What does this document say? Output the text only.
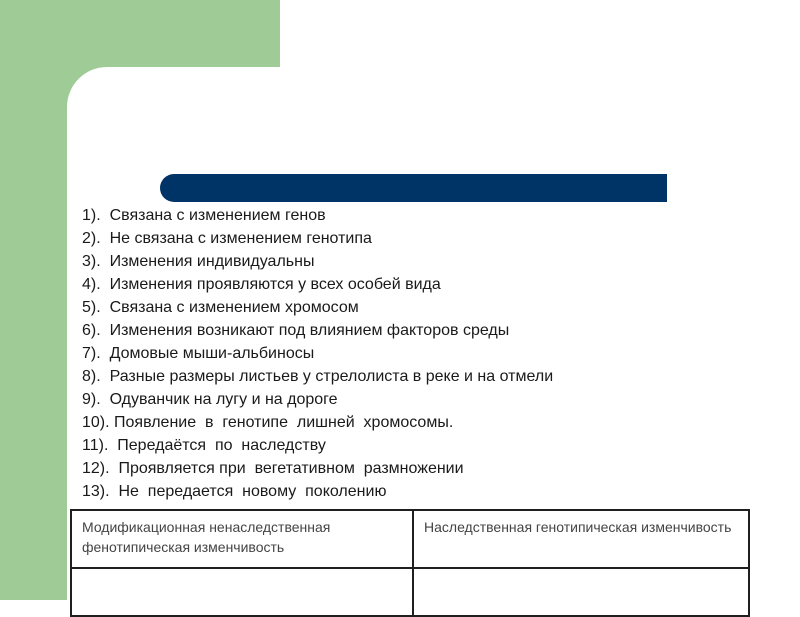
1).  Связана с изменением генов
2).  Не связана с изменением генотипа
3).  Изменения индивидуальны
4).  Изменения проявляются у всех особей вида
5).  Связана с изменением хромосом
6).  Изменения возникают под влиянием факторов среды
7).  Домовые мыши-альбиносы
8).  Разные размеры листьев у стрелолиста в реке и на отмели
9).  Одуванчик на лугу и на дороге
10). Появление  в  генотипе  лишней  хромосомы.
11).  Передаётся  по  наследству
12).  Проявляется при  вегетативном  размножении
13).  Не  передается  новому  поколению
Модификационная ненаследственная фенотипическая изменчивость	Наследственная генотипическая изменчивость
